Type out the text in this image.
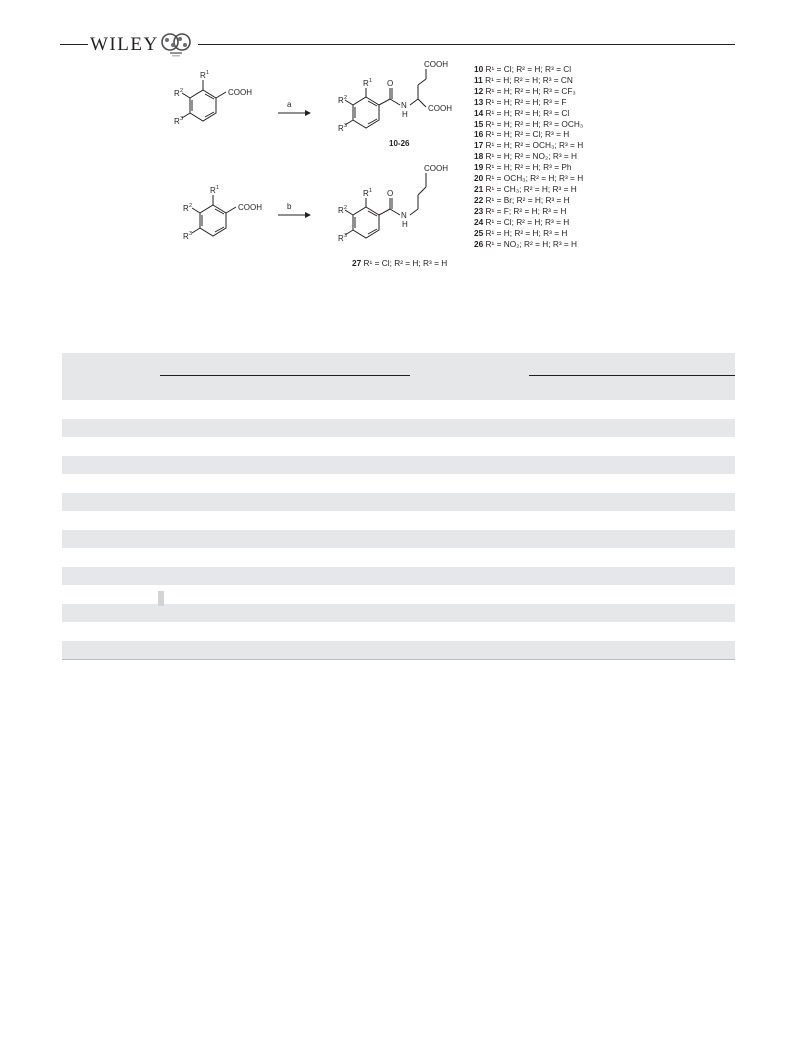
WILEY
COOH
R 1
R 2
R 3
a
R 1
R 2
R 3
O
N
H
COOH
COOH
10-26
COOH
R 1
R 2
R 3
b
R 1
R 2
R 3
O
N
H
COOH
10 R¹ = Cl; R² = H; R³ = Cl
11 R¹ = H; R² = H; R³ = CN
12 R¹ = H; R² = H; R³ = CF₃
13 R¹ = H; R² = H; R³ = F
14 R¹ = H; R² = H; R³ = Cl
15 R¹ = H; R² = H; R³ = OCH₃
16 R¹ = H; R² = Cl; R³ = H
17 R¹ = H; R² = OCH₃; R³ = H
18 R¹ = H; R² = NO₂; R³ = H
19 R¹ = H; R² = H; R³ = Ph
20 R¹ = OCH₃; R² = H; R³ = H
21 R¹ = CH₃; R² = H; R³ = H
22 R¹ = Br; R² = H; R³ = H
23 R¹ = F; R² = H; R³ = H
24 R¹ = Cl; R² = H; R³ = H
25 R¹ = H; R² = H; R³ = H
26 R¹ = NO₂; R² = H; R³ = H
27 R¹ = Cl; R² = H; R³ = H
